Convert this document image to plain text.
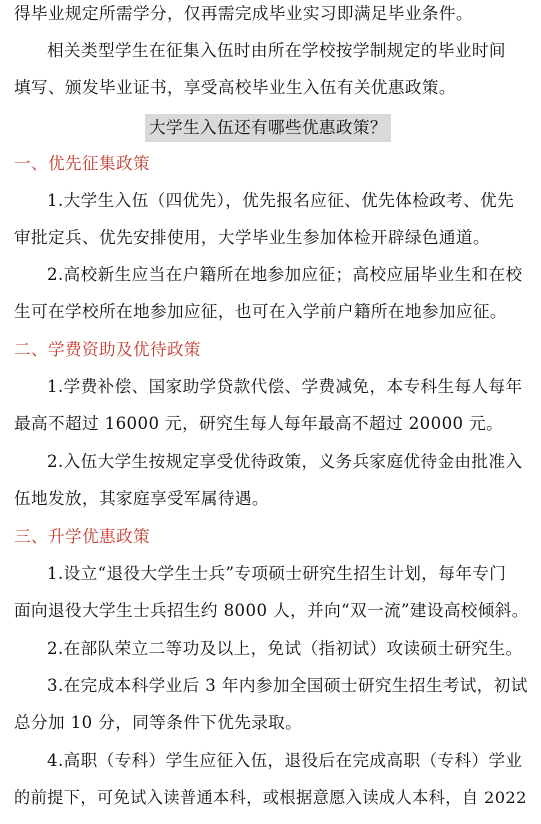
得毕业规定所需学分，仅再需完成毕业实习即满足毕业条件。
相关类型学生在征集入伍时由所在学校按学制规定的毕业时间
填写、颁发毕业证书，享受高校毕业生入伍有关优惠政策。
大学生入伍还有哪些优惠政策？
一、优先征集政策
1.大学生入伍（四优先），优先报名应征、优先体检政考、优先
审批定兵、优先安排使用，大学毕业生参加体检开辟绿色通道。
2.高校新生应当在户籍所在地参加应征；高校应届毕业生和在校
生可在学校所在地参加应征，也可在入学前户籍所在地参加应征。
二、学费资助及优待政策
1.学费补偿、国家助学贷款代偿、学费减免，本专科生每人每年
最高不超过 16000 元，研究生每人每年最高不超过 20000 元。
2.入伍大学生按规定享受优待政策，义务兵家庭优待金由批准入
伍地发放，其家庭享受军属待遇。
三、升学优惠政策
1.设立“退役大学生士兵”专项硕士研究生招生计划，每年专门
面向退役大学生士兵招生约 8000 人，并向“双一流”建设高校倾斜。
2.在部队荣立二等功及以上，免试（指初试）攻读硕士研究生。
3.在完成本科学业后 3 年内参加全国硕士研究生招生考试，初试
总分加 10 分，同等条件下优先录取。
4.高职（专科）学生应征入伍，退役后在完成高职（专科）学业
的前提下，可免试入读普通本科，或根据意愿入读成人本科，自 2022
